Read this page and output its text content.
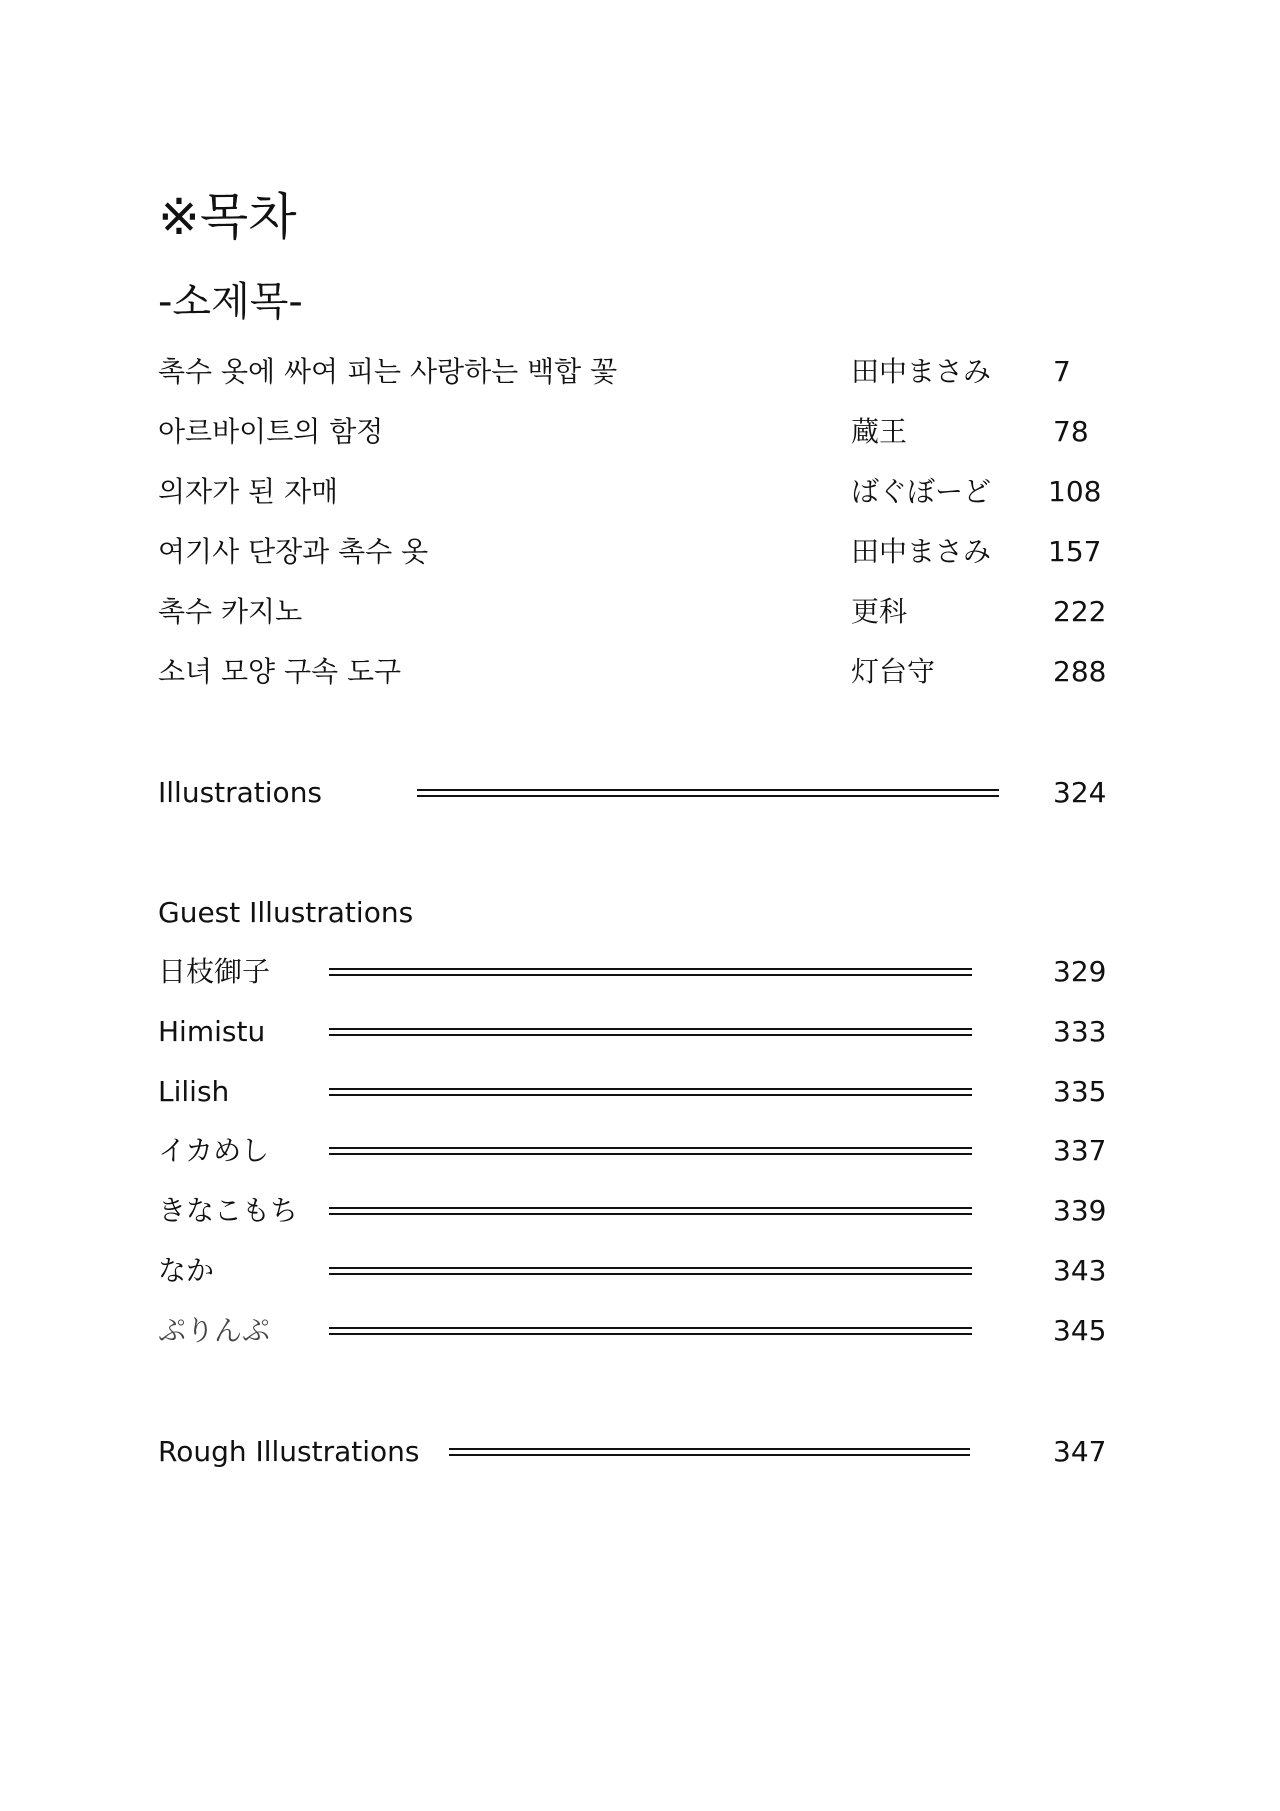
※목차
-소제목-
촉수 옷에 싸여 피는 사랑하는 백합 꽃	田中まさみ 7
아르바이트의 함정	蔵王	78
의자가 된 자매	ばぐぼーど 108
여기사 단장과 촉수 옷	田中まさみ 157
촉수 카지노	更科	222
소녀 모양 구속 도구	灯台守	288
Illustrations	324
Guest Illustrations
日枝御子	329
Himistu	333
Lilish	335
イカめし	337
きなこもち	339
なか	343
ぷりんぷ	345
Rough Illustrations	347
